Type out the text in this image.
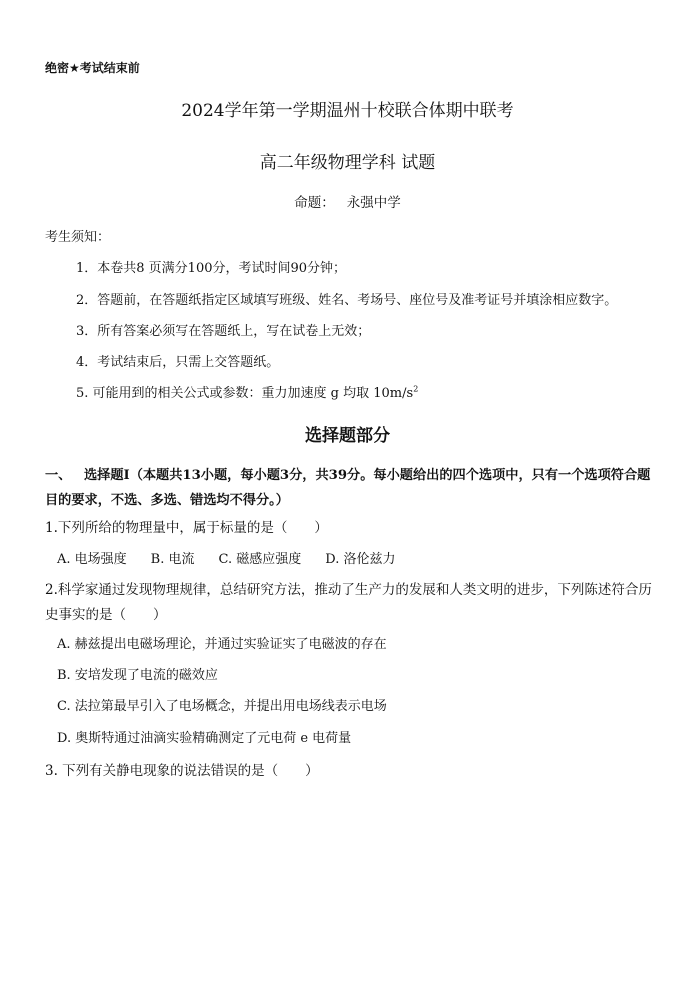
绝密★考试结束前
2024学年第一学期温州十校联合体期中联考
高二年级物理学科 试题
命题： 永强中学
考生须知：
1．本卷共8 页满分100分，考试时间90分钟；
2．答题前，在答题纸指定区域填写班级、姓名、考场号、座位号及准考证号并填涂相应数字。
3．所有答案必须写在答题纸上，写在试卷上无效；
4．考试结束后，只需上交答题纸。
5. 可能用到的相关公式或参数：重力加速度 g 均取 $10m/s^2$
选择题部分
一、 选择题Ⅰ（本题共13小题，每小题3分，共39分。每小题给出的四个选项中，只有一个选项符合题目的要求，不选、多选、错选均不得分。）
1.下列所给的物理量中，属于标量的是（　　）
A. 电场强度 B. 电流 C. 磁感应强度 D. 洛伦兹力
2.科学家通过发现物理规律，总结研究方法，推动了生产力的发展和人类文明的进步，下列陈述符合历史事实的是（　　）
A. 赫兹提出电磁场理论，并通过实验证实了电磁波的存在
B. 安培发现了电流的磁效应
C. 法拉第最早引入了电场概念，并提出用电场线表示电场
D. 奥斯特通过油滴实验精确测定了元电荷 e 电荷量
3. 下列有关静电现象的说法错误的是（　　）
